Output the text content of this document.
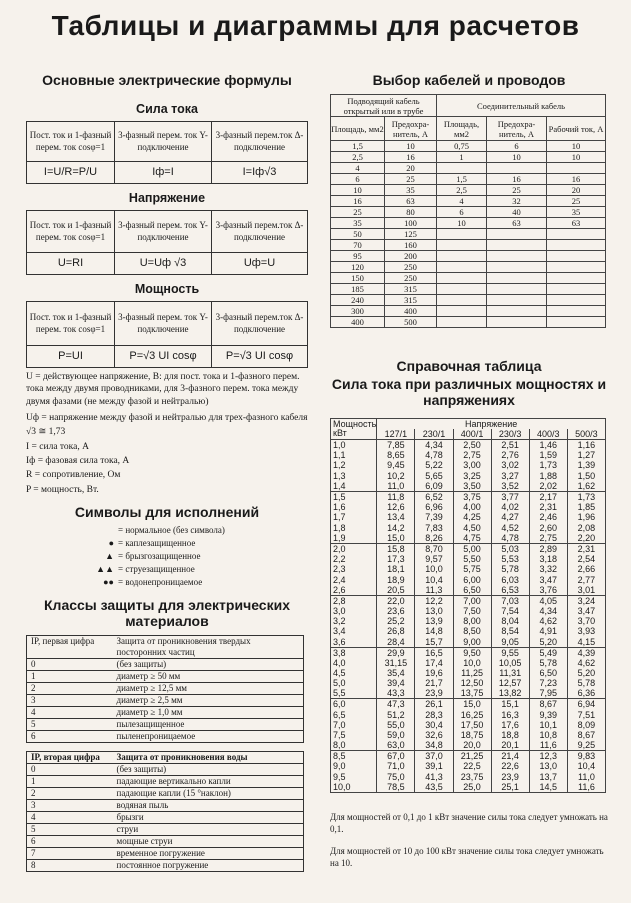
Таблицы и диаграммы для расчетов
Основные электрические формулы
Сила тока
Пост. ток и 1-фазный перем. ток cosφ=1	3-фазный перем. ток Y-подключение	3-фазный перем.ток Δ-подключение
I=U/R=P/U	Iф=I	I=Iф√3
Напряжение
Пост. ток и 1-фазный перем. ток cosφ=1	3-фазный перем. ток Y-подключение	3-фазный перем.ток Δ-подключение
U=RI	U=Uф √3	Uф=U
Мощность
Пост. ток и 1-фазный перем. ток cosφ=1	3-фазный перем. ток Y-подключение	3-фазный перем.ток Δ-подключение
P=UI	P=√3 UI cosφ	P=√3 UI cosφ
U = действующее напряжение, В: для пост. тока и 1-фазного перем. тока между двумя проводниками, для 3-фазного перем. тока между двумя фазами (не между фазой и нейтралью)
Uф = напряжение между фазой и нейтралью для трех-фазного кабеля
√3 ≅ 1,73
I = сила тока, А
Iф = фазовая сила тока, А
R = сопротивление, Ом
P = мощность, Вт.
Символы для исполнений
= нормальное (без символа)
● = каплезащищенное
▲ = брызгозащищенное
▲▲ = струезащищенное
●● = водонепроницаемое
Классы защиты для электрических материалов
IP, первая цифра	Защита от проникновения твердых посторонних частиц
0	(без защиты)
1	диаметр ≥ 50 мм
2	диаметр ≥ 12,5 мм
3	диаметр ≥ 2,5 мм
4	диаметр ≥ 1,0 мм
5	пылезащищенное
6	пыленепроницаемое
IP, вторая цифра	Защита от проникновения воды
0	(без защиты)
1	падающие вертикально капли
2	падающие капли (15 °наклон)
3	водяная пыль
4	брызги
5	струи
6	мощные струи
7	временное погружение
8	постоянное погружение
Выбор кабелей и проводов
Подводящий кабель открытый или в трубе		Соединительный кабель		
Площадь, мм2	Предохра-нитель, А	Площадь, мм2	Предохра-нитель, А	Рабочий ток, А
1,5	10	0,75	6	10
2,5	16	1	10	10
4	20			
6	25	1,5	16	16
10	35	2,5	25	20
16	63	4	32	25
25	80	6	40	35
35	100	10	63	63
50	125			
70	160			
95	200			
120	250			
150	250			
185	315			
240	315			
300	400			
400	500			
Справочная таблица
Сила тока при различных мощностях и напряжениях
Мощность кВт	Напряжение					
	127/1	230/1	400/1	230/3	400/3	500/3
1,0	7,85	4,34	2,50	2,51	1,46	1,16
1,1	8,65	4,78	2,75	2,76	1,59	1,27
1,2	9,45	5,22	3,00	3,02	1,73	1,39
1,3	10,2	5,65	3,25	3,27	1,88	1,50
1,4	11,0	6,09	3,50	3,52	2,02	1,62
1,5	11,8	6,52	3,75	3,77	2,17	1,73
1,6	12,6	6,96	4,00	4,02	2,31	1,85
1,7	13,4	7,39	4,25	4,27	2,46	1,96
1,8	14,2	7,83	4,50	4,52	2,60	2,08
1,9	15,0	8,26	4,75	4,78	2,75	2,20
2,0	15,8	8,70	5,00	5,03	2,89	2,31
2,2	17,3	9,57	5,50	5,53	3,18	2,54
2,3	18,1	10,0	5,75	5,78	3,32	2,66
2,4	18,9	10,4	6,00	6,03	3,47	2,77
2,6	20,5	11,3	6,50	6,53	3,76	3,01
2,8	22,0	12,2	7,00	7,03	4,05	3,24
3,0	23,6	13,0	7,50	7,54	4,34	3,47
3,2	25,2	13,9	8,00	8,04	4,62	3,70
3,4	26,8	14,8	8,50	8,54	4,91	3,93
3,6	28,4	15,7	9,00	9,05	5,20	4,15
3,8	29,9	16,5	9,50	9,55	5,49	4,39
4,0	31,15	17,4	10,0	10,05	5,78	4,62
4,5	35,4	19,6	11,25	11,31	6,50	5,20
5,0	39,4	21,7	12,50	12,57	7,23	5,78
5,5	43,3	23,9	13,75	13,82	7,95	6,36
6,0	47,3	26,1	15,0	15,1	8,67	6,94
6,5	51,2	28,3	16,25	16,3	9,39	7,51
7,0	55,0	30,4	17,50	17,6	10,1	8,09
7,5	59,0	32,6	18,75	18,8	10,8	8,67
8,0	63,0	34,8	20,0	20,1	11,6	9,25
8,5	67,0	37,0	21,25	21,4	12,3	9,83
9,0	71,0	39,1	22,5	22,6	13,0	10,4
9,5	75,0	41,3	23,75	23,9	13,7	11,0
10,0	78,5	43,5	25,0	25,1	14,5	11,6
Для мощностей от 0,1 до 1 кВт значение силы тока следует умножать на 0,1.
Для мощностей от 10 до 100 кВт значение силы тока следует умножать на 10.
